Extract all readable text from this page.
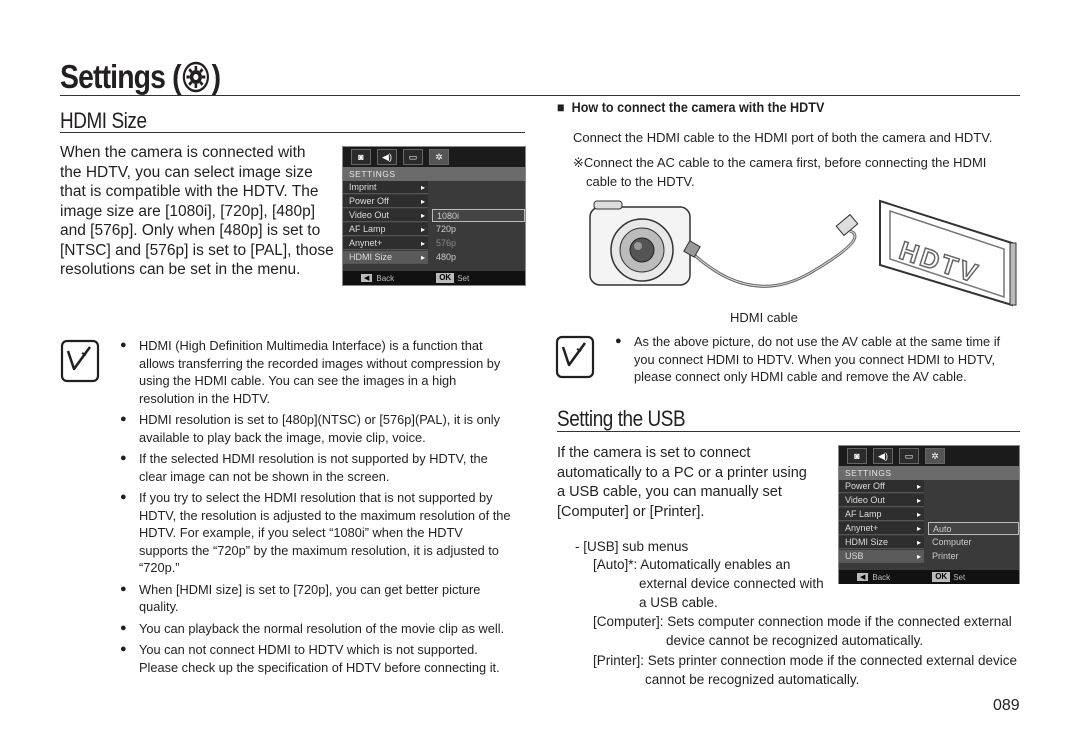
Settings ( )
HDMI Size
When the camera is connected with
the HDTV, you can select image size
that is compatible with the HDTV. The
image size are [1080i], [720p], [480p]
and [576p]. Only when [480p] is set to
[NTSC] and [576p] is set to [PAL], those
resolutions can be set in the menu.
◙	◀)	▭	✲
SETTINGS
Imprint ▸
Power Off ▸
Video Out ▸	1080i
AF Lamp ▸	720p
Anynet+ ▸	576p
HDMI Size ▸	480p
◀ Back	OK Set
● HDMI (High Definition Multimedia Interface) is a function that allows transferring the recorded images without compression by using the HDMI cable. You can see the images in a high resolution in the HDTV.
● HDMI resolution is set to [480p](NTSC) or [576p](PAL), it is only available to play back the image, movie clip, voice.
● If the selected HDMI resolution is not supported by HDTV, the clear image can not be shown in the screen.
● If you try to select the HDMI resolution that is not supported by HDTV, the resolution is adjusted to the maximum resolution of the HDTV. For example, if you select “1080i” when the HDTV supports the “720p” by the maximum resolution, it is adjusted to “720p.”
● When [HDMI size] is set to [720p], you can get better picture quality.
● You can playback the normal resolution of the movie clip as well.
● You can not connect HDMI to HDTV which is not supported. Please check up the specification of HDTV before connecting it.
■  How to connect the camera with the HDTV
Connect the HDMI cable to the HDMI port of both the camera and HDTV.
※Connect the AC cable to the camera first, before connecting the HDMI
cable to the HDTV.
HDTV
HDMI cable
● As the above picture, do not use the AV cable at the same time if you connect HDMI to HDTV. When you connect HDMI to HDTV, please connect only HDMI cable and remove the AV cable.
Setting the USB
If the camera is set to connect
automatically to a PC or a printer using
a USB cable, you can manually set
[Computer] or [Printer].
◙	◀)	▭	✲
SETTINGS
Power Off ▸
Video Out ▸
AF Lamp ▸
Anynet+ ▸	Auto
HDMI Size ▸	Computer
USB ▸	Printer
◀ Back	OK Set
- [USB] sub menus
[Auto]*: Automatically enables an
external device connected with
a USB cable.
[Computer]: Sets computer connection mode if the connected external
device cannot be recognized automatically.
[Printer]: Sets printer connection mode if the connected external device
cannot be recognized automatically.
089
